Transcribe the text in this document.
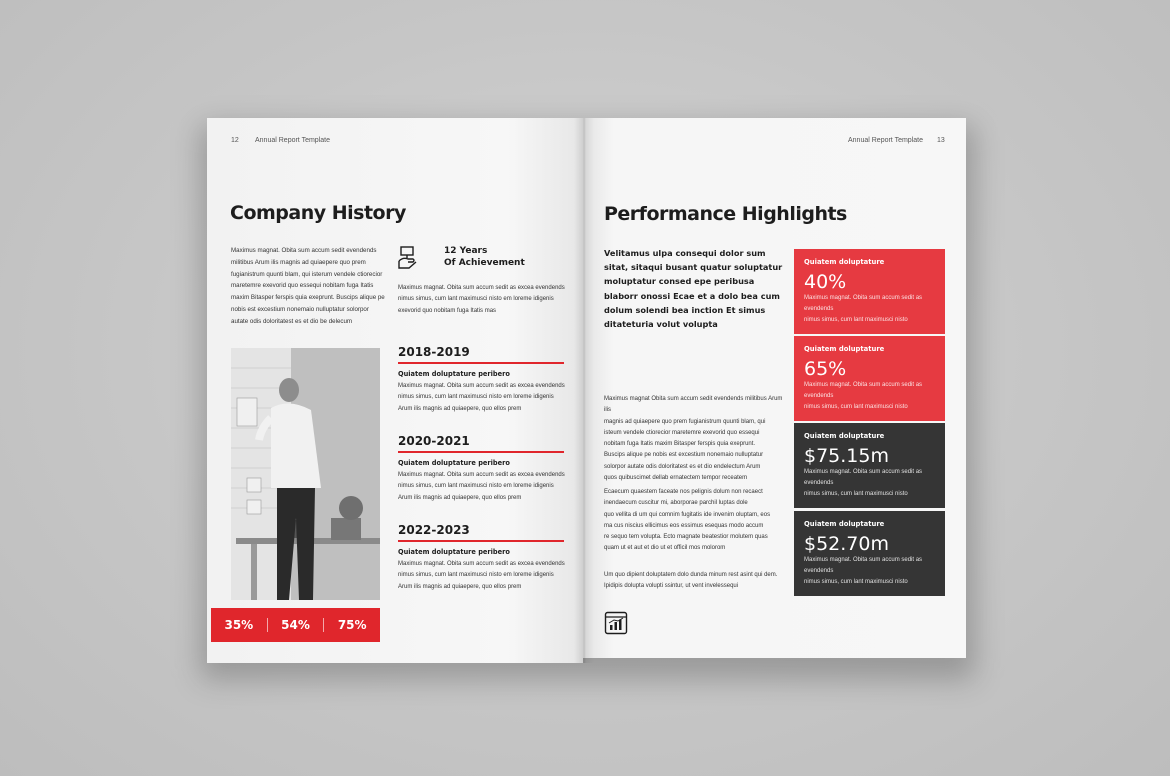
12 Annual Report Template
Company History
Maximus magnat. Obita sum accum sedit evendends
militibus Arum ilis magnis ad quiaepere quo prem
fugianistrum quunti blam, qui isterum vendele ctiorecior
maretemre exevorid quo essequi nobitam fuga Itatis
maxim Bitasper ferspis quia exeprunt. Buscips alique pe
nobis est excestium nonemaio nulluptatur solorpor
autate odis doloritatest es et dio be delecum
12 Years
Of Achievement
Maximus magnat. Obita sum accum sedit as excea evendends
nimus simus, cum lant maximusci nisto em loreme idigenis
exevorid quo nobitam fuga Itatis mas
2018-2019
Quiatem doluptature peribero
Maximus magnat. Obita sum accum sedit as excea evendends
nimus simus, cum lant maximusci nisto em loreme idigenis
Arum ilis magnis ad quiaepere, quo ellos prem
2020-2021
Quiatem doluptature peribero
Maximus magnat. Obita sum accum sedit as excea evendends
nimus simus, cum lant maximusci nisto em loreme idigenis
Arum ilis magnis ad quiaepere, quo ellos prem
2022-2023
Quiatem doluptature peribero
Maximus magnat. Obita sum accum sedit as excea evendends
nimus simus, cum lant maximusci nisto em loreme idigenis
Arum ilis magnis ad quiaepere, quo ellos prem
35%	54%	75%
Annual Report Template 13
Performance Highlights
Velitamus ulpa consequi dolor sum
sitat, sitaqui busant quatur soluptatur
moluptatur consed epe peribusa
blaborr onossi Ecae et a dolo bea cum
dolum solendi bea inction Et simus
ditateturia volut volupta
Maximus magnat Obita sum accum sedit evendends militibus Arum ilis
magnis ad quiaepere quo prem fugianistrum quunti blam, qui
isteum vendele ctiorecior maretemre exevorid quo essequi
nobitam fuga Itatis maxim Bitasper ferspis quia exeprunt.
Buscips alique pe nobis est excestium nonemaio nulluptatur
solorpor autate odis doloritatest es et dio endelectum Arum
quos quibuscimet dellab ernatectem tempor receatem
Ecaecum quaestem faceate nos pelignis dolum non recaect
inendaecum cuscitur mi, aborporae parchil luptas dole
quo vellita di um qui comnim fugitatis ide invenim oluptam, eos
ma cus niscius ellicimus eos essimus esequas modo accum
re sequo tem volupta. Ecto magnate beatestior molutem quas
quam ut et aut et dio ut et officil mos molorom
Um quo dipient doluptatem dolo dunda minum rest asint qui dem.
Ipidipis dolupta volupti ssintur, ut vent invelessequi
Quiatem doluptature
40%
Maximus magnat. Obita sum accum sedit as evendends
nimus simus, cum lant maximusci nisto
Quiatem doluptature
65%
Maximus magnat. Obita sum accum sedit as evendends
nimus simus, cum lant maximusci nisto
Quiatem doluptature
$75.15m
Maximus magnat. Obita sum accum sedit as evendends
nimus simus, cum lant maximusci nisto
Quiatem doluptature
$52.70m
Maximus magnat. Obita sum accum sedit as evendends
nimus simus, cum lant maximusci nisto
